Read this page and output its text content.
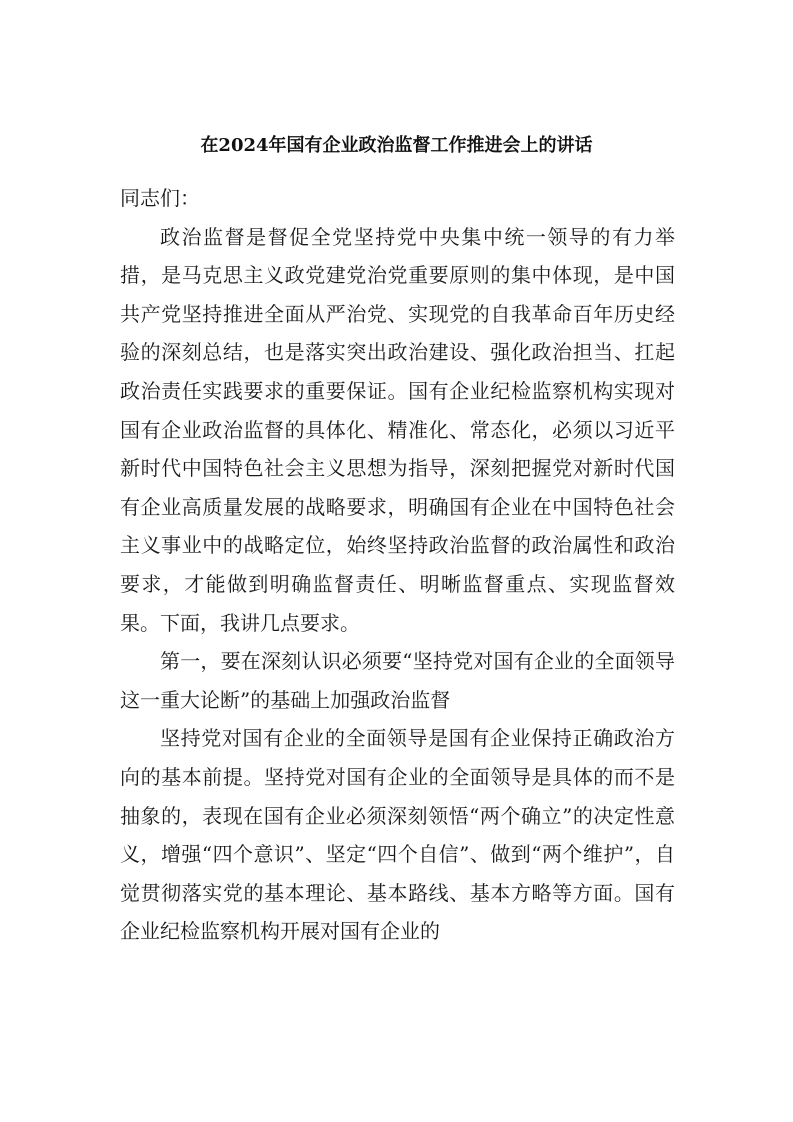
在2024年国有企业政治监督工作推进会上的讲话

同志们：

政治监督是督促全党坚持党中央集中统一领导的有力举措，是马克思主义政党建党治党重要原则的集中体现，是中国共产党坚持推进全面从严治党、实现党的自我革命百年历史经验的深刻总结，也是落实突出政治建设、强化政治担当、扛起政治责任实践要求的重要保证。国有企业纪检监察机构实现对国有企业政治监督的具体化、精准化、常态化，必须以习近平新时代中国特色社会主义思想为指导，深刻把握党对新时代国有企业高质量发展的战略要求，明确国有企业在中国特色社会主义事业中的战略定位，始终坚持政治监督的政治属性和政治要求，才能做到明确监督责任、明晰监督重点、实现监督效果。下面，我讲几点要求。

第一，要在深刻认识必须要“坚持党对国有企业的全面领导这一重大论断”的基础上加强政治监督

坚持党对国有企业的全面领导是国有企业保持正确政治方向的基本前提。坚持党对国有企业的全面领导是具体的而不是抽象的，表现在国有企业必须深刻领悟“两个确立”的决定性意义，增强“四个意识”、坚定“四个自信”、做到“两个维护”，自觉贯彻落实党的基本理论、基本路线、基本方略等方面。国有企业纪检监察机构开展对国有企业的
